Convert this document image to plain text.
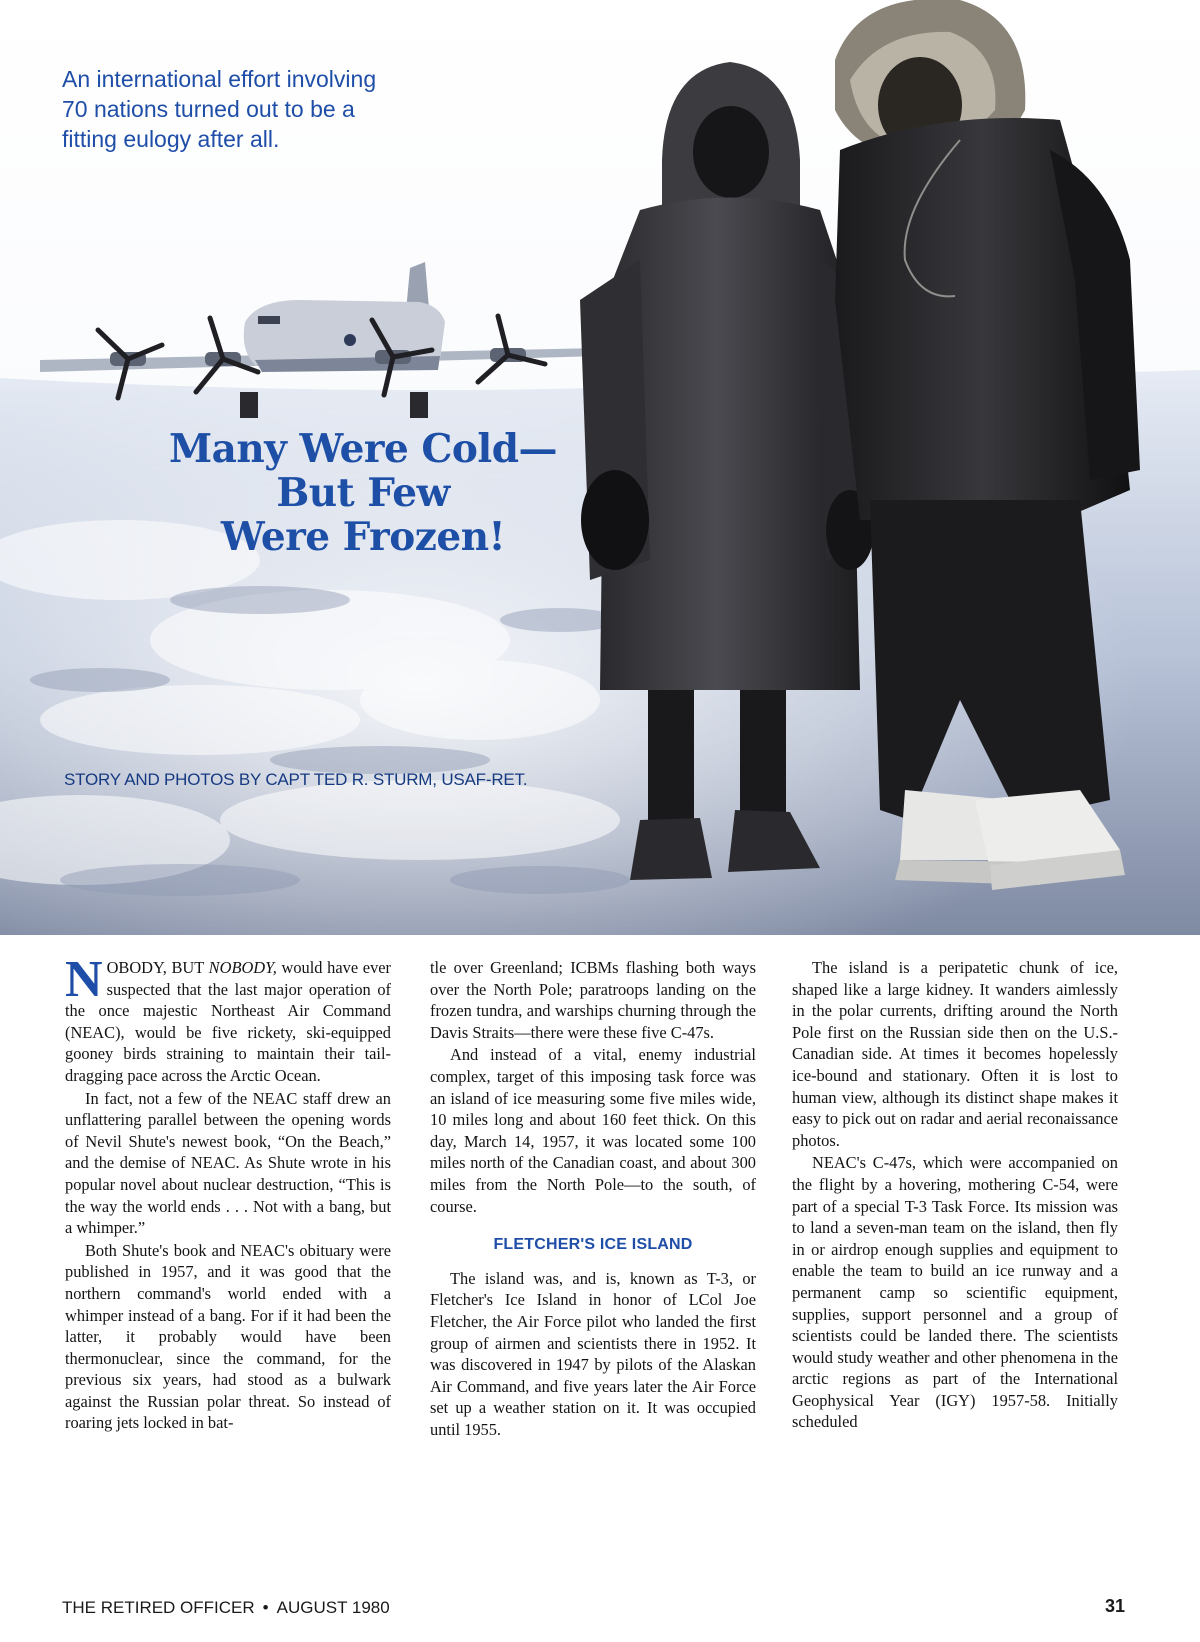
An international effort involving
70 nations turned out to be a
fitting eulogy after all.

Many Were Cold—
But Few
Were Frozen!

STORY AND PHOTOS BY CAPT TED R. STURM, USAF-RET.

NOBODY, BUT NOBODY, would have ever suspected that the last major operation of the once majestic Northeast Air Command (NEAC), would be five rickety, ski-equipped gooney birds straining to maintain their tail-dragging pace across the Arctic Ocean.

In fact, not a few of the NEAC staff drew an unflattering parallel between the opening words of Nevil Shute's newest book, “On the Beach,” and the demise of NEAC. As Shute wrote in his popular novel about nuclear destruction, “This is the way the world ends . . . Not with a bang, but a whimper.”

Both Shute's book and NEAC's obituary were published in 1957, and it was good that the northern command's world ended with a whimper instead of a bang. For if it had been the latter, it probably would have been thermonuclear, since the command, for the previous six years, had stood as a bulwark against the Russian polar threat. So instead of roaring jets locked in bat-

tle over Greenland; ICBMs flashing both ways over the North Pole; paratroops landing on the frozen tundra, and warships churning through the Davis Straits—there were these five C-47s.

And instead of a vital, enemy industrial complex, target of this imposing task force was an island of ice measuring some five miles wide, 10 miles long and about 160 feet thick. On this day, March 14, 1957, it was located some 100 miles north of the Canadian coast, and about 300 miles from the North Pole—to the south, of course.

FLETCHER'S ICE ISLAND

The island was, and is, known as T-3, or Fletcher's Ice Island in honor of LCol Joe Fletcher, the Air Force pilot who landed the first group of airmen and scientists there in 1952. It was discovered in 1947 by pilots of the Alaskan Air Command, and five years later the Air Force set up a weather station on it. It was occupied until 1955.

The island is a peripatetic chunk of ice, shaped like a large kidney. It wanders aimlessly in the polar currents, drifting around the North Pole first on the Russian side then on the U.S.-Canadian side. At times it becomes hopelessly ice-bound and stationary. Often it is lost to human view, although its distinct shape makes it easy to pick out on radar and aerial reconaissance photos.

NEAC's C-47s, which were accompanied on the flight by a hovering, mothering C-54, were part of a special T-3 Task Force. Its mission was to land a seven-man team on the island, then fly in or airdrop enough supplies and equipment to enable the team to build an ice runway and a permanent camp so scientific equipment, supplies, support personnel and a group of scientists could be landed there. The scientists would study weather and other phenomena in the arctic regions as part of the International Geophysical Year (IGY) 1957-58. Initially scheduled

THE RETIRED OFFICER • AUGUST 1980	31
